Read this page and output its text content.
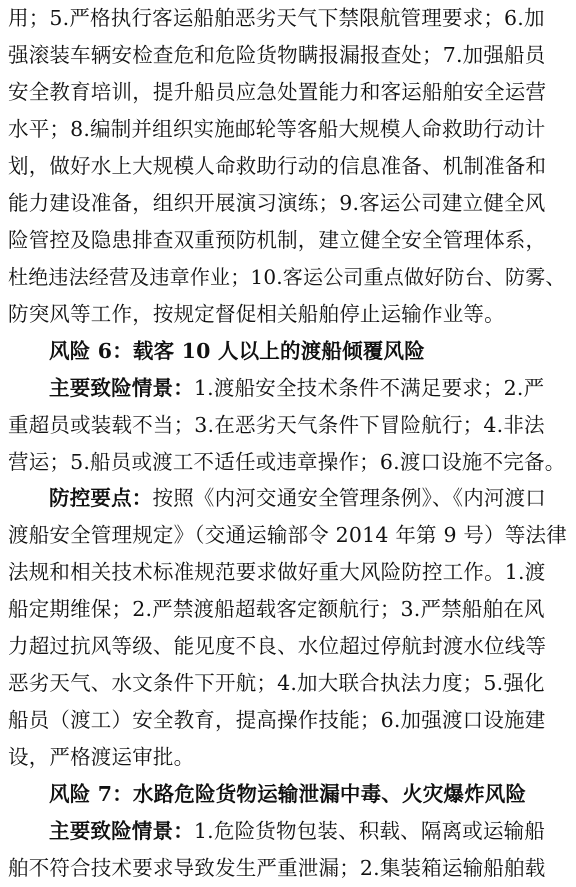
用；5.严格执行客运船舶恶劣天气下禁限航管理要求；6.加
强滚装车辆安检查危和危险货物瞒报漏报查处；7.加强船员
安全教育培训，提升船员应急处置能力和客运船舶安全运营
水平；8.编制并组织实施邮轮等客船大规模人命救助行动计
划，做好水上大规模人命救助行动的信息准备、机制准备和
能力建设准备，组织开展演习演练；9.客运公司建立健全风
险管控及隐患排查双重预防机制，建立健全安全管理体系，
杜绝违法经营及违章作业；10.客运公司重点做好防台、防雾、
防突风等工作，按规定督促相关船舶停止运输作业等。
风险 6：载客 10 人以上的渡船倾覆风险
主要致险情景：1.渡船安全技术条件不满足要求；2.严
重超员或装载不当；3.在恶劣天气条件下冒险航行；4.非法
营运；5.船员或渡工不适任或违章操作；6.渡口设施不完备。
防控要点：按照《内河交通安全管理条例》、《内河渡口
渡船安全管理规定》（交通运输部令 2014 年第 9 号）等法律
法规和相关技术标准规范要求做好重大风险防控工作。1.渡
船定期维保；2.严禁渡船超载客定额航行；3.严禁船舶在风
力超过抗风等级、能见度不良、水位超过停航封渡水位线等
恶劣天气、水文条件下开航；4.加大联合执法力度；5.强化
船员（渡工）安全教育，提高操作技能；6.加强渡口设施建
设，严格渡运审批。
风险 7：水路危险货物运输泄漏中毒、火灾爆炸风险
主要致险情景：1.危险货物包装、积载、隔离或运输船
舶不符合技术要求导致发生严重泄漏；2.集装箱运输船舶载
